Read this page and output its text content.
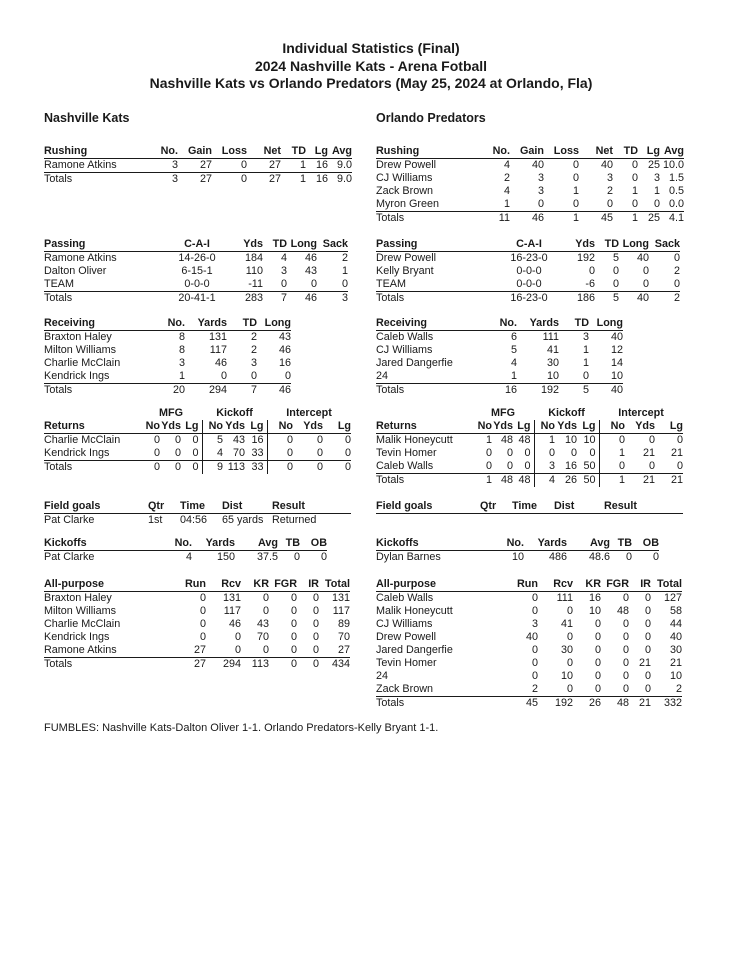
Individual Statistics (Final)
2024 Nashville Kats - Arena Fotball
Nashville Kats vs Orlando Predators (May 25, 2024 at Orlando, Fla)
Nashville Kats
Rushing	No.	Gain	Loss	Net	TD	Lg	Avg
Ramone Atkins	3	27	0	27	1	16	9.0
Totals	3	27	0	27	1	16	9.0
Passing	C-A-I	Yds	TD	Long	Sack
Ramone Atkins	14-26-0	184	4	46	2
Dalton Oliver	6-15-1	110	3	43	1
TEAM	0-0-0	-11	0	0	0
Totals	20-41-1	283	7	46	3
Receiving	No.	Yards	TD	Long
Braxton Haley	8	131	2	43
Milton Williams	8	117	2	46
Charlie McClain	3	46	3	16
Kendrick Ings	1	0	0	0
Totals	20	294	7	46
	MFG			Kickoff			Intercept		
Returns	No	Yds	Lg	No	Yds	Lg	No	Yds	Lg
Charlie McClain	0	0	0	5	43	16	0	0	0
Kendrick Ings	0	0	0	4	70	33	0	0	0
Totals	0	0	0	9	113	33	0	0	0
Field goals	Qtr	Time	Dist	Result
Pat Clarke	1st	04:56	65 yards	Returned
Kickoffs	No.	Yards	Avg	TB	OB
Pat Clarke	4	150	37.5	0	0
All-purpose	Run	Rcv	KR	FGR	IR	Total
Braxton Haley	0	131	0	0	0	131
Milton Williams	0	117	0	0	0	117
Charlie McClain	0	46	43	0	0	89
Kendrick Ings	0	0	70	0	0	70
Ramone Atkins	27	0	0	0	0	27
Totals	27	294	113	0	0	434
Orlando Predators
Rushing	No.	Gain	Loss	Net	TD	Lg	Avg
Drew Powell	4	40	0	40	0	25	10.0
CJ Williams	2	3	0	3	0	3	1.5
Zack Brown	4	3	1	2	1	1	0.5
Myron Green	1	0	0	0	0	0	0.0
Totals	11	46	1	45	1	25	4.1
Passing	C-A-I	Yds	TD	Long	Sack
Drew Powell	16-23-0	192	5	40	0
Kelly Bryant	0-0-0	0	0	0	2
TEAM	0-0-0	-6	0	0	0
Totals	16-23-0	186	5	40	2
Receiving	No.	Yards	TD	Long
Caleb Walls	6	111	3	40
CJ Williams	5	41	1	12
Jared Dangerfie	4	30	1	14
24	1	10	0	10
Totals	16	192	5	40
	MFG			Kickoff			Intercept		
Returns	No	Yds	Lg	No	Yds	Lg	No	Yds	Lg
Malik Honeycutt	1	48	48	1	10	10	0	0	0
Tevin Homer	0	0	0	0	0	0	1	21	21
Caleb Walls	0	0	0	3	16	50	0	0	0
Totals	1	48	48	4	26	50	1	21	21
Field goals	Qtr	Time	Dist	Result
Kickoffs	No.	Yards	Avg	TB	OB
Dylan Barnes	10	486	48.6	0	0
All-purpose	Run	Rcv	KR	FGR	IR	Total
Caleb Walls	0	111	16	0	0	127
Malik Honeycutt	0	0	10	48	0	58
CJ Williams	3	41	0	0	0	44
Drew Powell	40	0	0	0	0	40
Jared Dangerfie	0	30	0	0	0	30
Tevin Homer	0	0	0	0	21	21
24	0	10	0	0	0	10
Zack Brown	2	0	0	0	0	2
Totals	45	192	26	48	21	332
FUMBLES: Nashville Kats-Dalton Oliver 1-1. Orlando Predators-Kelly Bryant 1-1.
